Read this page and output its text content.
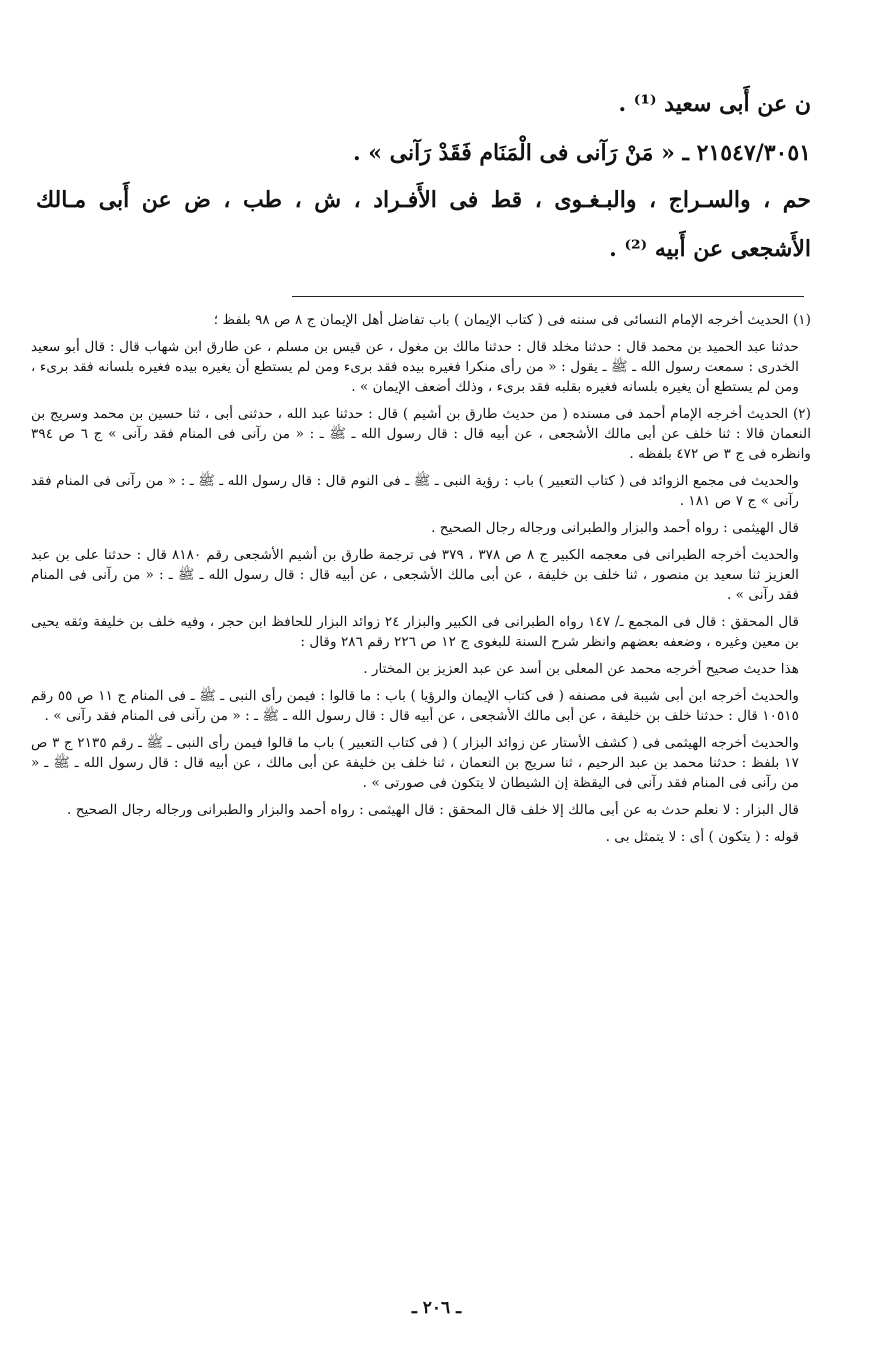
ن عن أَبى سعيد ⁽¹⁾ .

٢١٥٤٧/٣٠٥١ ـ « مَنْ رَآنى فى الْمَنَام فَقَدْ رَآنى » .

حم ، والسـراج ، والبـغـوى ، قط فى الأَفـراد ، ش ، طب ، ض عن أَبى مـالك

الأَشجعى عن أَبيه ⁽²⁾ .

(١) الحديث أخرجه الإمام النسائى فى سننه فى ( كتاب الإيمان ) باب تفاضل أهل الإيمان ج ٨ ص ٩٨ بلفظ ؛

حدثنا عبد الحميد بن محمد قال : حدثنا مخلد قال : حدثنا مالك بن مغول ، عن قيس بن مسلم ، عن طارق ابن شهاب قال : قال أبو سعيد الخدرى : سمعت رسول الله ـ ﷺ ـ يقول : « من رأى منكرا فغيره بيده فقد برىء ومن لم يستطع أن يغيره بيده فغيره بلسانه فقد برىء ، ومن لم يستطع أن يغيره بلسانه فغيره بقلبه فقد برىء ، وذلك أضعف الإيمان » .

(٢) الحديث أخرجه الإمام أحمد فى مسنده ( من حديث طارق بن أشيم ) قال : حدثنا عبد الله ، حدثنى أبى ، ثنا حسين بن محمد وسريج بن النعمان قالا : ثنا خلف عن أبى مالك الأشجعى ، عن أبيه قال : قال رسول الله ـ ﷺ ـ : « من رآنى فى المنام فقد رآنى » ج ٦ ص ٣٩٤ وانظره فى ج ٣ ص ٤٧٢ بلفظه .

والحديث فى مجمع الزوائد فى ( كتاب التعبير ) باب : رؤية النبى ـ ﷺ ـ فى النوم قال : قال رسول الله ـ ﷺ ـ : « من رآنى فى المنام فقد رآنى » ج ٧ ص ١٨١ .

قال الهيثمى : رواه أحمد والبزار والطبرانى ورجاله رجال الصحيح .

والحديث أخرجه الطبرانى فى معجمه الكبير ج ٨ ص ٣٧٨ ، ٣٧٩ فى ترجمة طارق بن أشيم الأشجعى رقم ٨١٨٠ قال : حدثنا على بن عبد العزيز ثنا سعيد بن منصور ، ثنا خلف بن خليفة ، عن أبى مالك الأشجعى ، عن أبيه قال : قال رسول الله ـ ﷺ ـ : « من رآنى فى المنام فقد رآنى » .

قال المحقق : قال فى المجمع ـ/ ١٤٧ رواه الطبرانى فى الكبير والبزار ٢٤ زوائد البزار للحافظ ابن حجر ، وفيه خلف بن خليفة وثقه يحيى بن معين وغيره ، وضعفه بعضهم وانظر شرح السنة للبغوى ج ١٢ ص ٢٢٦ رقم ٢٨٦ وقال :

هذا حديث صحيح أخرجه محمد عن المعلى بن أسد عن عبد العزيز بن المختار .

والحديث أخرجه ابن أبى شيبة فى مصنفه ( فى كتاب الإيمان والرؤيا ) باب : ما قالوا : فيمن رأى النبى ـ ﷺ ـ فى المنام ج ١١ ص ٥٥ رقم ١٠٥١٥ قال : حدثنا خلف بن خليفة ، عن أبى مالك الأشجعى ، عن أبيه قال : قال رسول الله ـ ﷺ ـ : « من رآنى فى المنام فقد رآنى » .

والحديث أخرجه الهيثمى فى ( كشف الأستار عن زوائد البزار ) ( فى كتاب التعبير ) باب ما قالوا فيمن رأى النبى ـ ﷺ ـ رقم ٢١٣٥ ج ٣ ص ١٧ بلفظ : حدثنا محمد بن عبد الرحيم ، ثنا سريج بن النعمان ، ثنا خلف بن خليفة عن أبى مالك ، عن أبيه قال : قال رسول الله ـ ﷺ ـ « من رآنى فى المنام فقد رآنى فى اليقظة إن الشيطان لا يتكون فى صورتى » .

قال البزار : لا نعلم حدث به عن أبى مالك إلا خلف قال المحقق : قال الهيثمى : رواه أحمد والبزار والطبرانى ورجاله رجال الصحيح .

قوله : ( يتكون ) أى : لا يتمثل بى .

ـ ٢٠٦ ـ
